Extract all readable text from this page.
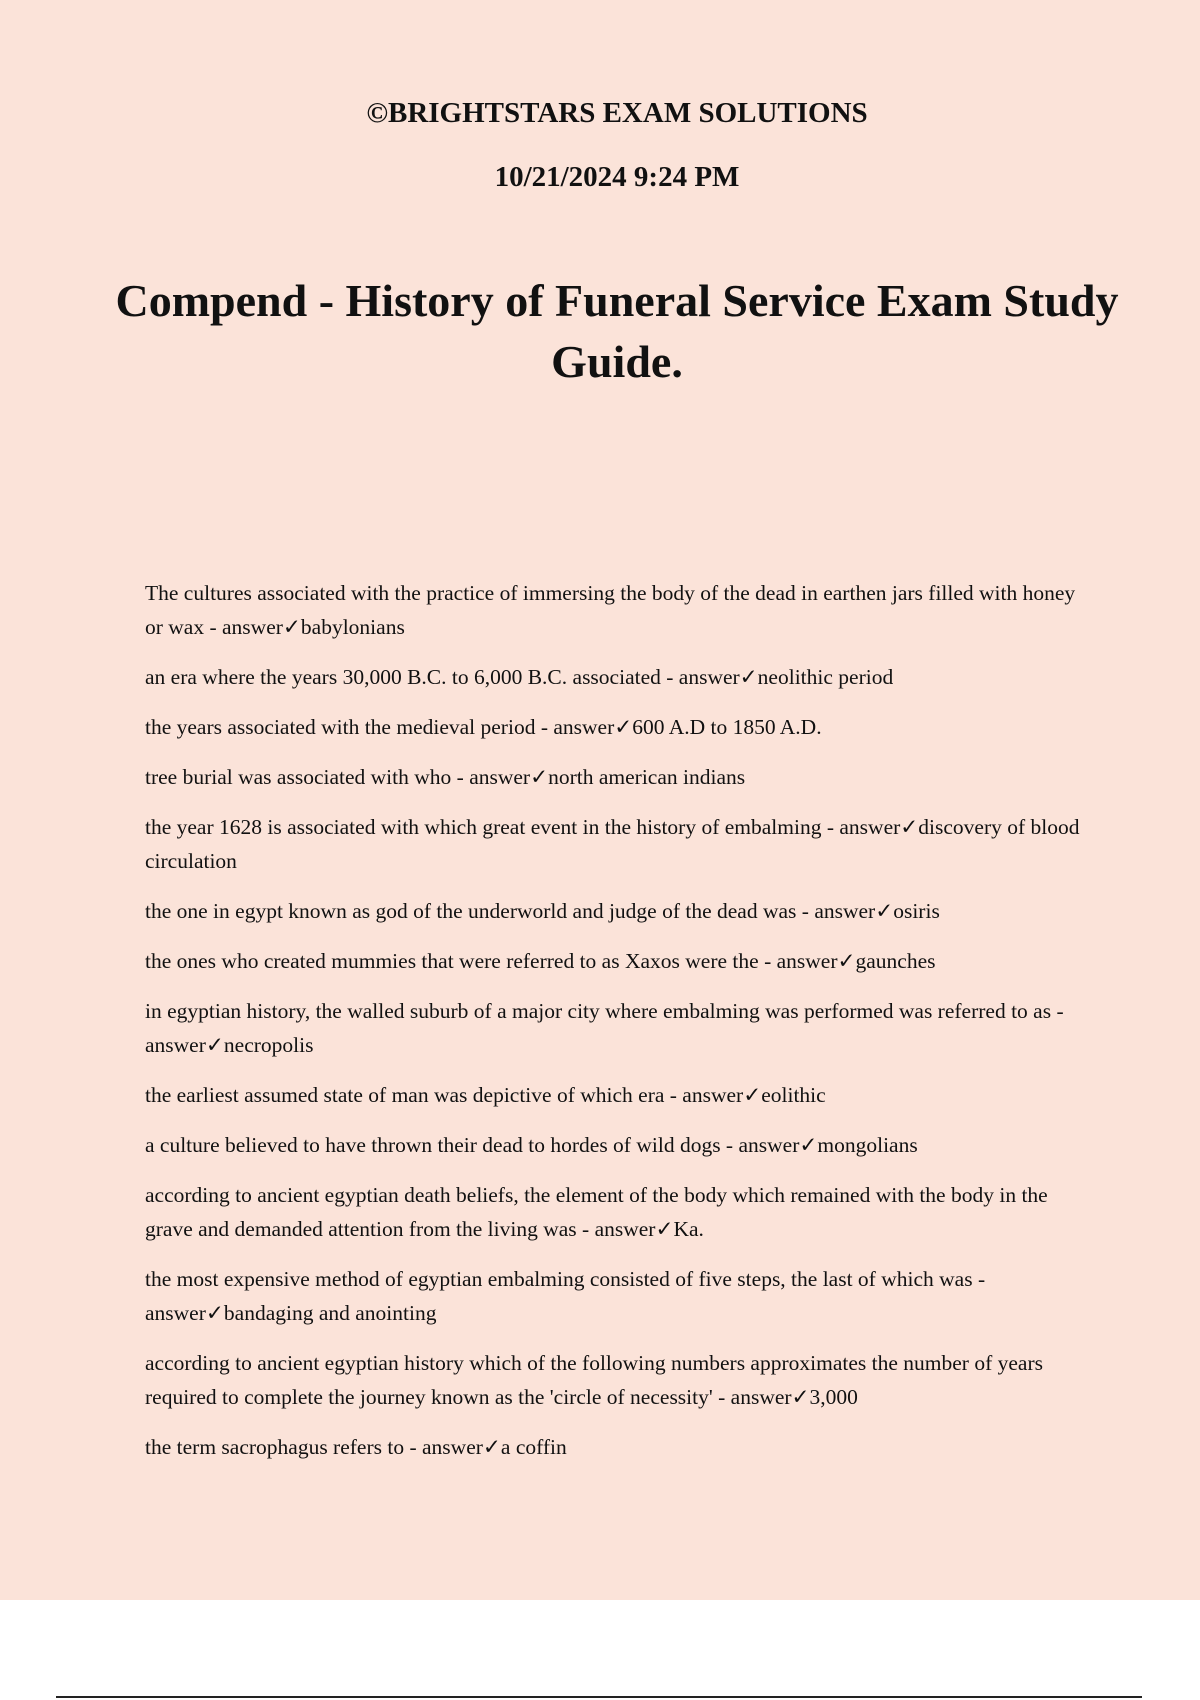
©BRIGHTSTARS EXAM SOLUTIONS

10/21/2024 9:24 PM

Compend - History of Funeral Service Exam Study Guide.
The cultures associated with the practice of immersing the body of the dead in earthen jars filled with honey or wax - answer✓babylonians
an era where the years 30,000 B.C. to 6,000 B.C. associated - answer✓neolithic period
the years associated with the medieval period - answer✓600 A.D to 1850 A.D.
tree burial was associated with who - answer✓north american indians
the year 1628 is associated with which great event in the history of embalming - answer✓discovery of blood circulation
the one in egypt known as god of the underworld and judge of the dead was - answer✓osiris
the ones who created mummies that were referred to as Xaxos were the - answer✓gaunches
in egyptian history, the walled suburb of a major city where embalming was performed was referred to as - answer✓necropolis
the earliest assumed state of man was depictive of which era - answer✓eolithic
a culture believed to have thrown their dead to hordes of wild dogs - answer✓mongolians
according to ancient egyptian death beliefs, the element of the body which remained with the body in the grave and demanded attention from the living was - answer✓Ka.
the most expensive method of egyptian embalming consisted of five steps, the last of which was - answer✓bandaging and anointing
according to ancient egyptian history which of the following numbers approximates the number of years required to complete the journey known as the 'circle of necessity' - answer✓3,000
the term sacrophagus refers to - answer✓a coffin
